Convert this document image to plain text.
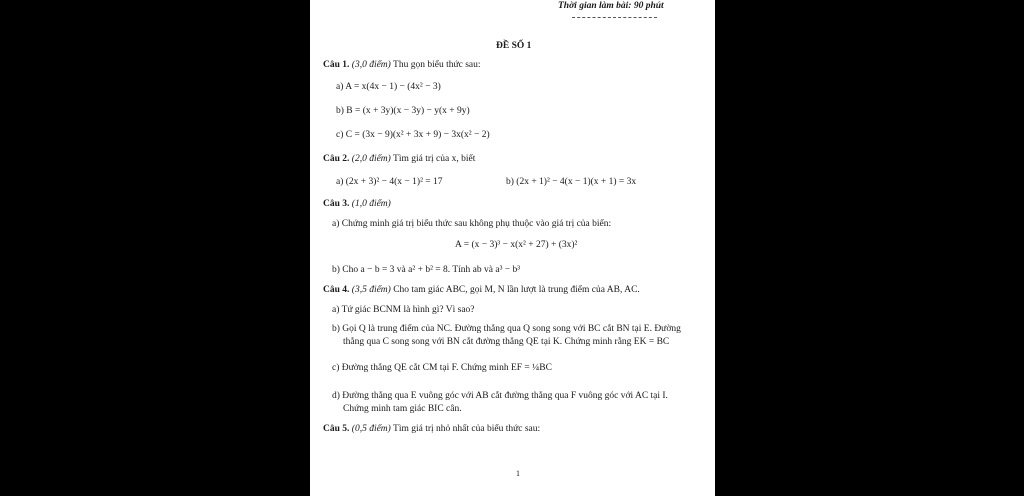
Thời gian làm bài: 90 phút
ĐỀ SỐ 1
Câu 1. (3,0 điểm) Thu gọn biểu thức sau:
a) A = x(4x − 1) − (4x² − 3)
b) B = (x + 3y)(x − 3y) − y(x + 9y)
c) C = (3x − 9)(x² + 3x + 9) − 3x(x² − 2)
Câu 2. (2,0 điểm) Tìm giá trị của x, biết
a) (2x + 3)² − 4(x − 1)² = 17	b) (2x + 1)² − 4(x − 1)(x + 1) = 3x
Câu 3. (1,0 điểm)
a) Chứng minh giá trị biểu thức sau không phụ thuộc vào giá trị của biến:
A = (x − 3)³ − x(x² + 27) + (3x)²
b) Cho a − b = 3 và a² + b² = 8. Tính ab và a³ − b³
Câu 4. (3,5 điểm) Cho tam giác ABC, gọi M, N lần lượt là trung điểm của AB, AC.
a) Tứ giác BCNM là hình gì? Vì sao?
b) Gọi Q là trung điểm của NC. Đường thẳng qua Q song song với BC cắt BN tại E. Đường
thẳng qua C song song với BN cắt đường thẳng QE tại K. Chứng minh rằng EK = BC
c) Đường thẳng QE cắt CM tại F. Chứng minh EF = ¼BC
d) Đường thẳng qua E vuông góc với AB cắt đường thẳng qua F vuông góc với AC tại I.
Chứng minh tam giác BIC cân.
Câu 5. (0,5 điểm) Tìm giá trị nhỏ nhất của biểu thức sau:
1
